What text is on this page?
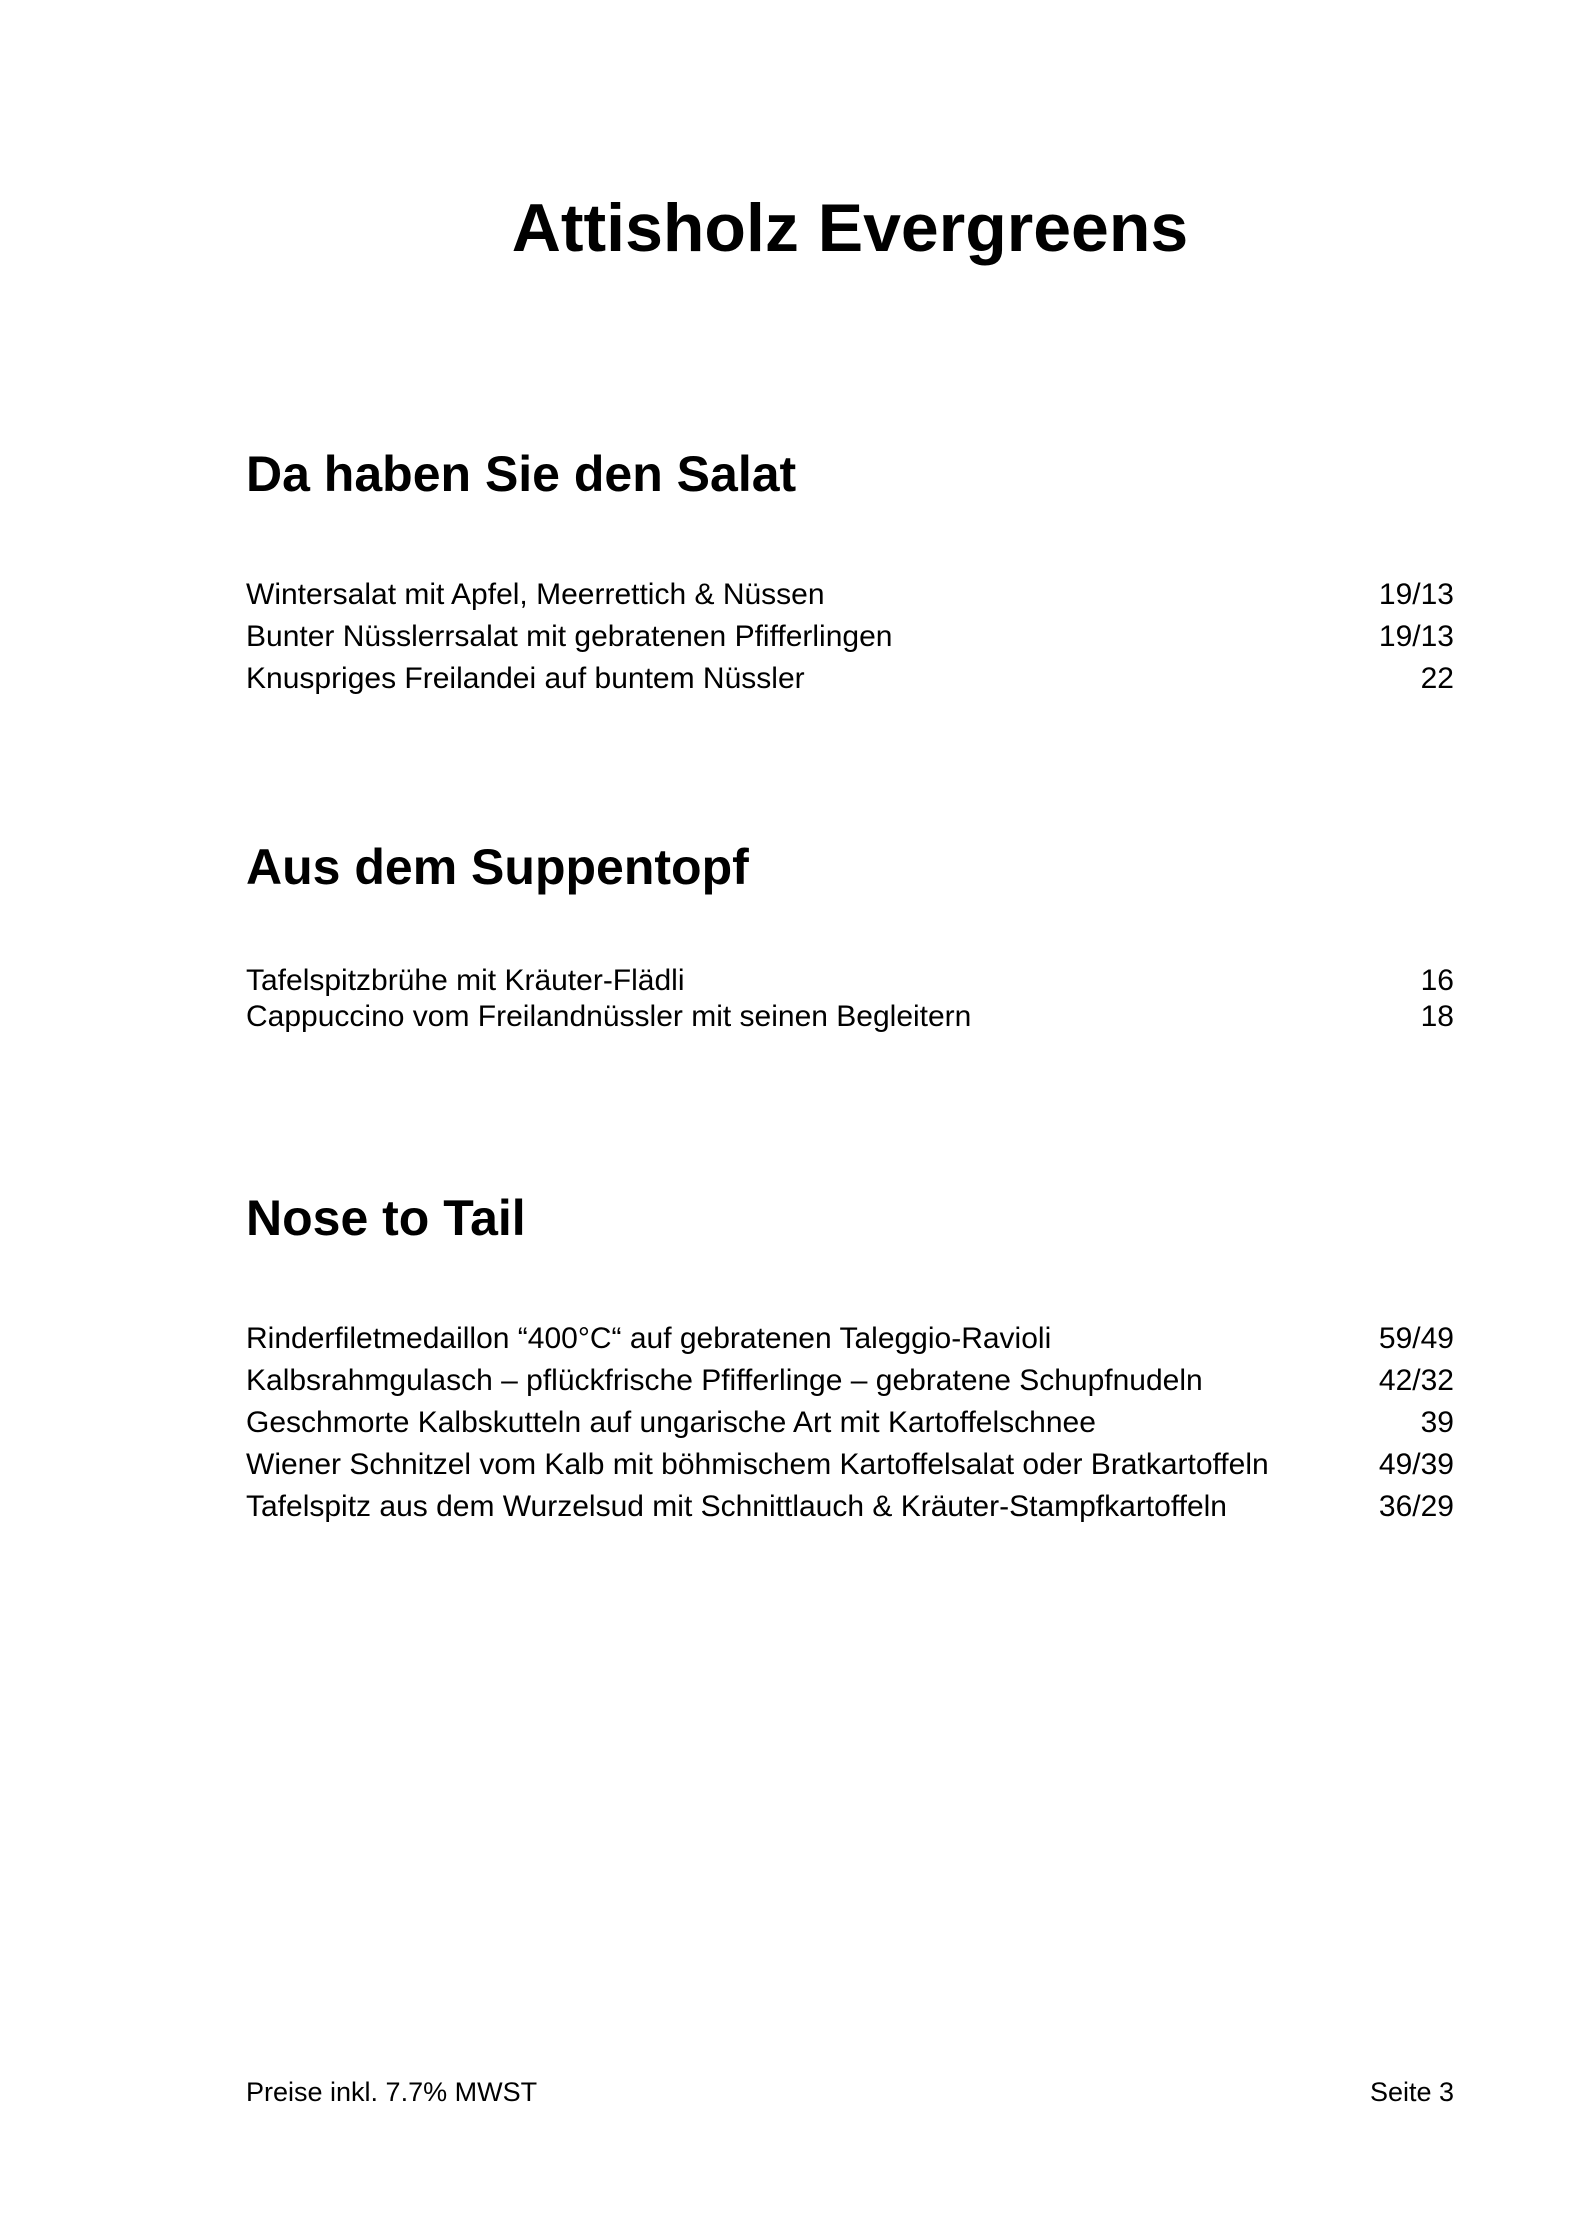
Attisholz Evergreens
Da haben Sie den Salat
Wintersalat mit Apfel, Meerrettich & Nüssen	19/13
Bunter Nüsslerrsalat mit gebratenen Pfifferlingen	19/13
Knuspriges Freilandei auf buntem Nüssler	22
Aus dem Suppentopf
Tafelspitzbrühe mit Kräuter-Flädli	16
Cappuccino vom Freilandnüssler mit seinen Begleitern	18
Nose to Tail
Rinderfiletmedaillon “400°C“ auf gebratenen Taleggio-Ravioli	59/49
Kalbsrahmgulasch – pflückfrische Pfifferlinge – gebratene Schupfnudeln	42/32
Geschmorte Kalbskutteln auf ungarische Art mit Kartoffelschnee	39
Wiener Schnitzel vom Kalb mit böhmischem Kartoffelsalat oder Bratkartoffeln	49/39
Tafelspitz aus dem Wurzelsud mit Schnittlauch & Kräuter-Stampfkartoffeln	36/29
Preise inkl. 7.7% MWST	Seite 3
